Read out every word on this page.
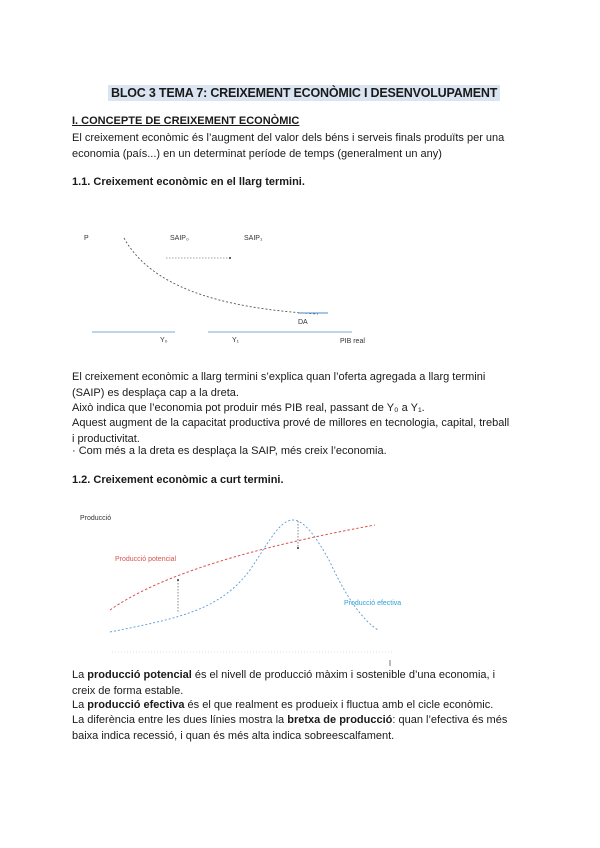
BLOC 3 TEMA 7: CREIXEMENT ECONÒMIC I DESENVOLUPAMENT
I. CONCEPTE DE CREIXEMENT ECONÒMIC
El creixement econòmic és l’augment del valor dels béns i serveis finals produïts per una economia (país...) en un determinat període de temps (generalment un any)
1.1. Creixement econòmic en el llarg termini.
P	SAIP₀	SAIP₁
DA
Y₀	Y₁	PIB real
Producció
Producció potencial
Producció efectiva
El creixement econòmic a llarg termini s’explica quan l’oferta agregada a llarg termini (SAIP) es desplaça cap a la dreta.
Això indica que l’economia pot produir més PIB real, passant de Y₀ a Y₁.
Aquest augment de la capacitat productiva prové de millores en tecnologia, capital, treball i productivitat.
· Com més a la dreta es desplaça la SAIP, més creix l’economia.
1.2. Creixement econòmic a curt termini.
La producció potencial és el nivell de producció màxim i sostenible d’una economia, i creix de forma estable.
La producció efectiva és el que realment es produeix i fluctua amb el cicle econòmic.
La diferència entre les dues línies mostra la bretxa de producció: quan l’efectiva és més baixa indica recessió, i quan és més alta indica sobreescalfament.
